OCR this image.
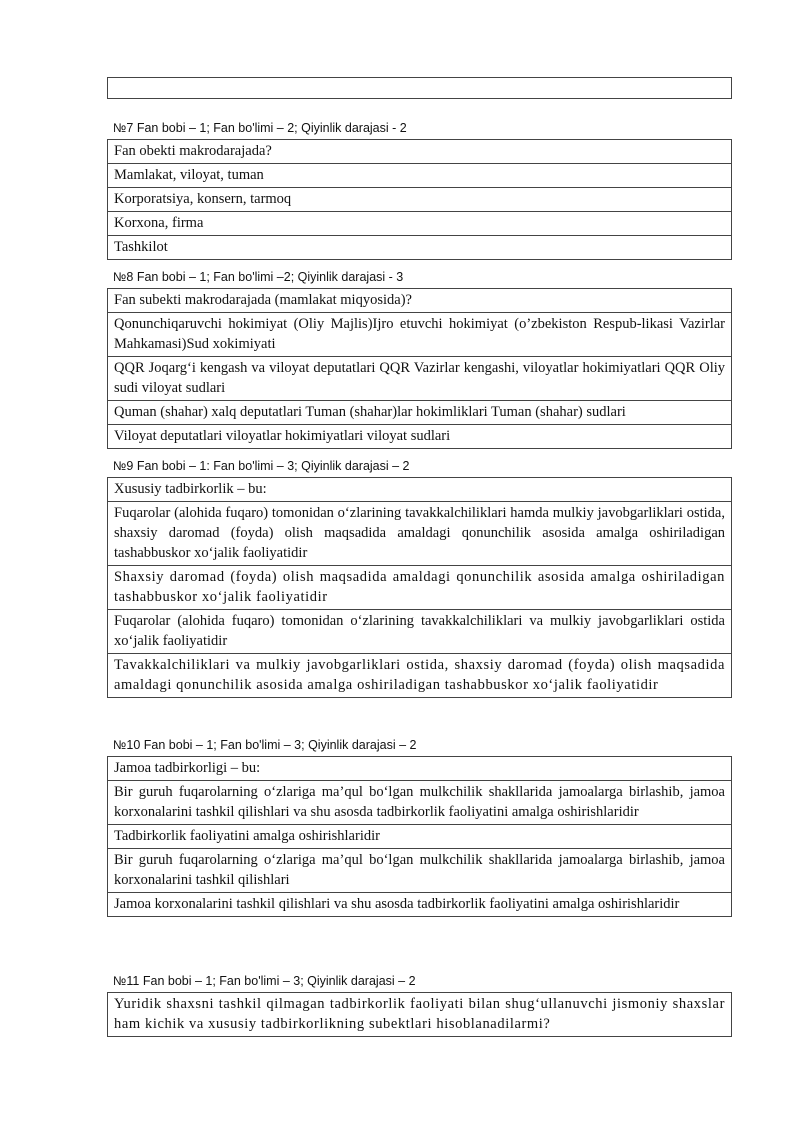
№7 Fan bobi – 1; Fan bo'limi – 2; Qiyinlik darajasi - 2
Fan obekti makrodarajada?
Mamlakat, viloyat, tuman
Korporatsiya, konsern, tarmoq
Korxona, firma
Tashkilot
№8 Fan bobi – 1; Fan bo'limi –2; Qiyinlik darajasi - 3
Fan subekti makrodarajada (mamlakat miqyosida)?
Qonunchiqaruvchi hokimiyat (Oliy Majlis)Ijro etuvchi hokimiyat (o’zbekiston Respub-likasi Vazirlar Mahkamasi)Sud xokimiyati
QQR Joqargʻi kengash va viloyat deputatlari QQR Vazirlar kengashi, viloyatlar hokimiyatlari QQR Oliy sudi viloyat sudlari
Quman (shahar) xalq deputatlari Tuman (shahar)lar hokimliklari Tuman (shahar) sudlari
Viloyat deputatlari viloyatlar hokimiyatlari viloyat sudlari
№9 Fan bobi – 1: Fan bo'limi – 3; Qiyinlik darajasi – 2
Xususiy tadbirkorlik – bu:
Fuqarolar (alohida fuqaro) tomonidan oʻzlarining tavakkalchiliklari hamda mulkiy javobgarliklari ostida, shaxsiy daromad (foyda) olish maqsadida amaldagi qonunchilik asosida amalga oshiriladigan tashabbuskor xoʻjalik faoliyatidir
Shaxsiy daromad (foyda) olish maqsadida amaldagi qonunchilik asosida amalga oshiriladigan tashabbuskor xoʻjalik faoliyatidir
Fuqarolar (alohida fuqaro) tomonidan oʻzlarining tavakkalchiliklari va mulkiy javobgarliklari ostida xoʻjalik faoliyatidir
Tavakkalchiliklari va mulkiy javobgarliklari ostida, shaxsiy daromad (foyda) olish maqsadida amaldagi qonunchilik asosida amalga oshiriladigan tashabbuskor xoʻjalik faoliyatidir
№10 Fan bobi – 1; Fan bo'limi – 3; Qiyinlik darajasi – 2
Jamoa tadbirkorligi – bu:
Bir guruh fuqarolarning oʻzlariga ma’qul boʻlgan mulkchilik shakllarida jamoalarga birlashib, jamoa korxonalarini tashkil qilishlari va shu asosda tadbirkorlik faoliyatini amalga oshirishlaridir
Tadbirkorlik faoliyatini amalga oshirishlaridir
Bir guruh fuqarolarning oʻzlariga ma’qul boʻlgan mulkchilik shakllarida jamoalarga birlashib, jamoa korxonalarini tashkil qilishlari
Jamoa korxonalarini tashkil qilishlari va shu asosda tadbirkorlik faoliyatini amalga oshirishlaridir
№11 Fan bobi – 1; Fan bo'limi – 3; Qiyinlik darajasi – 2
Yuridik shaxsni tashkil qilmagan tadbirkorlik faoliyati bilan shugʻullanuvchi jismoniy shaxslar ham kichik va xususiy tadbirkorlikning subektlari hisoblanadilarmi?
